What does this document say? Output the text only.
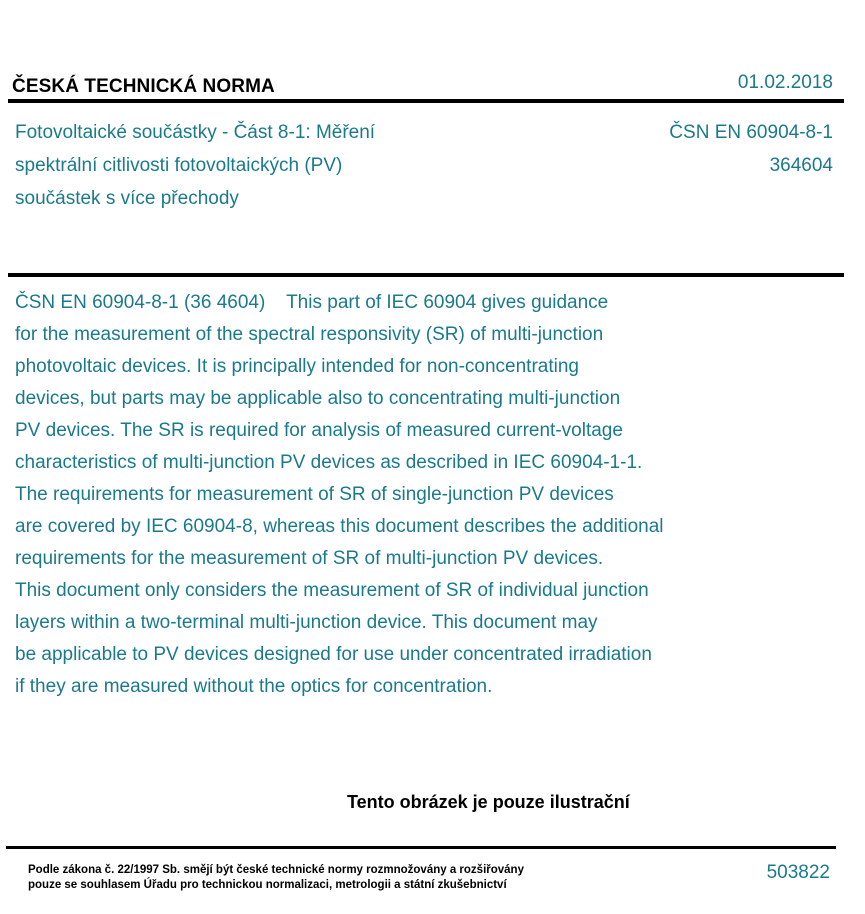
ČESKÁ TECHNICKÁ NORMA	01.02.2018
Fotovoltaické součástky - Část 8-1: Měření
spektrální citlivosti fotovoltaických (PV)
součástek s více přechody
ČSN EN 60904-8-1
364604
ČSN EN 60904-8-1 (36 4604)    This part of IEC 60904 gives guidance
for the measurement of the spectral responsivity (SR) of multi-junction
photovoltaic devices. It is principally intended for non-concentrating
devices, but parts may be applicable also to concentrating multi-junction
PV devices. The SR is required for analysis of measured current-voltage
characteristics of multi-junction PV devices as described in IEC 60904-1-1.
The requirements for measurement of SR of single-junction PV devices
are covered by IEC 60904-8, whereas this document describes the additional
requirements for the measurement of SR of multi-junction PV devices.
This document only considers the measurement of SR of individual junction
layers within a two-terminal multi-junction device. This document may
be applicable to PV devices designed for use under concentrated irradiation
if they are measured without the optics for concentration.
Tento obrázek je pouze ilustrační
Podle zákona č. 22/1997 Sb. smějí být české technické normy rozmnožovány a rozšiřovány
pouze se souhlasem Úřadu pro technickou normalizaci, metrologii a státní zkušebnictví
503822
